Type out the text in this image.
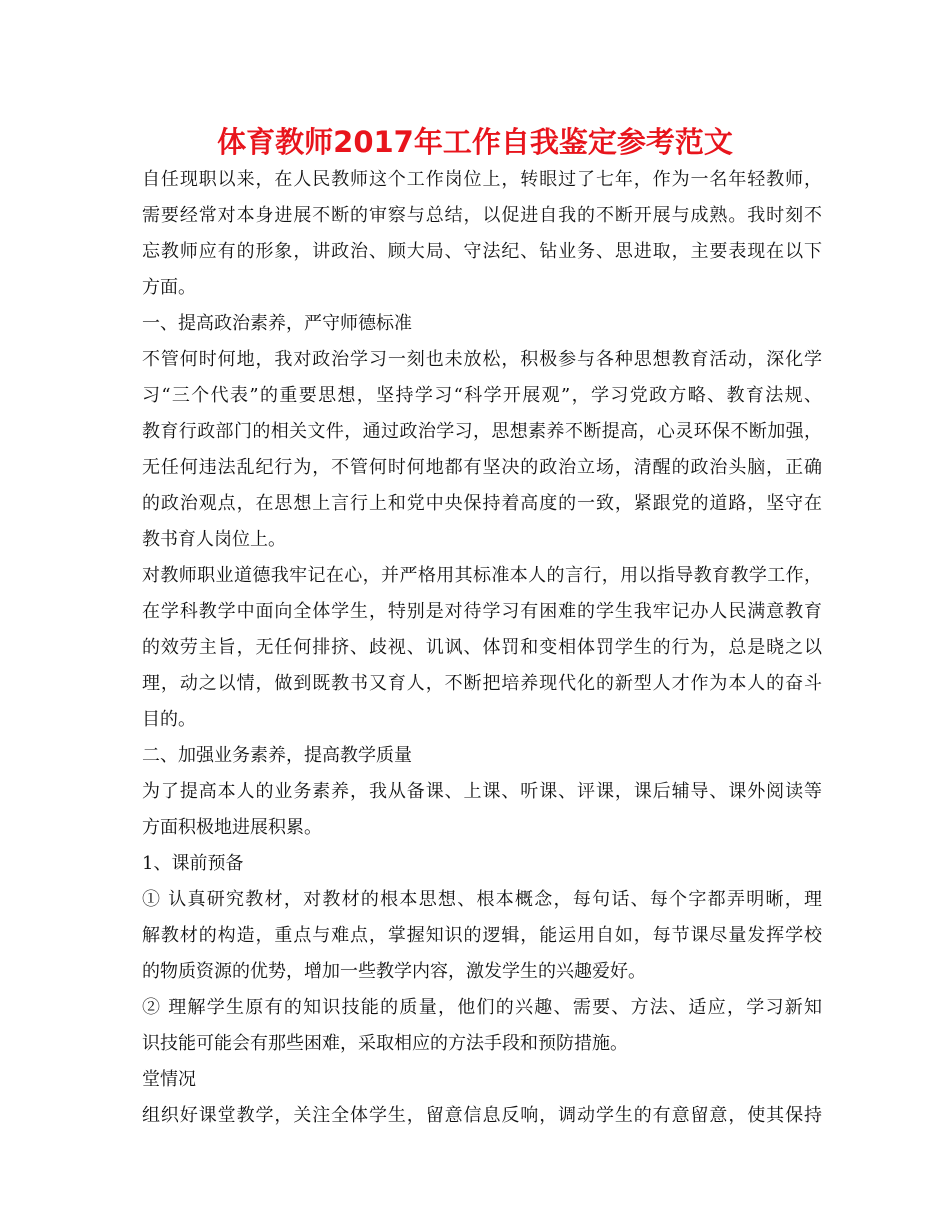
体育教师2017年工作自我鉴定参考范文
自任现职以来，在人民教师这个工作岗位上，转眼过了七年，作为一名年轻教师，
需要经常对本身进展不断的审察与总结，以促进自我的不断开展与成熟。我时刻不
忘教师应有的形象，讲政治、顾大局、守法纪、钻业务、思进取，主要表现在以下
方面。
一、提高政治素养，严守师德标准
不管何时何地，我对政治学习一刻也未放松，积极参与各种思想教育活动，深化学
习“三个代表”的重要思想，坚持学习“科学开展观”，学习党政方略、教育法规、
教育行政部门的相关文件，通过政治学习，思想素养不断提高，心灵环保不断加强，
无任何违法乱纪行为，不管何时何地都有坚决的政治立场，清醒的政治头脑，正确
的政治观点，在思想上言行上和党中央保持着高度的一致，紧跟党的道路，坚守在
教书育人岗位上。
对教师职业道德我牢记在心，并严格用其标准本人的言行，用以指导教育教学工作，
在学科教学中面向全体学生，特别是对待学习有困难的学生我牢记办人民满意教育
的效劳主旨，无任何排挤、歧视、讥讽、体罚和变相体罚学生的行为，总是晓之以
理，动之以情，做到既教书又育人，不断把培养现代化的新型人才作为本人的奋斗
目的。
二、加强业务素养，提高教学质量
为了提高本人的业务素养，我从备课、上课、听课、评课，课后辅导、课外阅读等
方面积极地进展积累。
1、课前预备
① 认真研究教材，对教材的根本思想、根本概念，每句话、每个字都弄明晰，理
解教材的构造，重点与难点，掌握知识的逻辑，能运用自如，每节课尽量发挥学校
的物质资源的优势，增加一些教学内容，激发学生的兴趣爱好。
② 理解学生原有的知识技能的质量，他们的兴趣、需要、方法、适应，学习新知
识技能可能会有那些困难，采取相应的方法手段和预防措施。
堂情况
组织好课堂教学，关注全体学生，留意信息反响，调动学生的有意留意，使其保持
